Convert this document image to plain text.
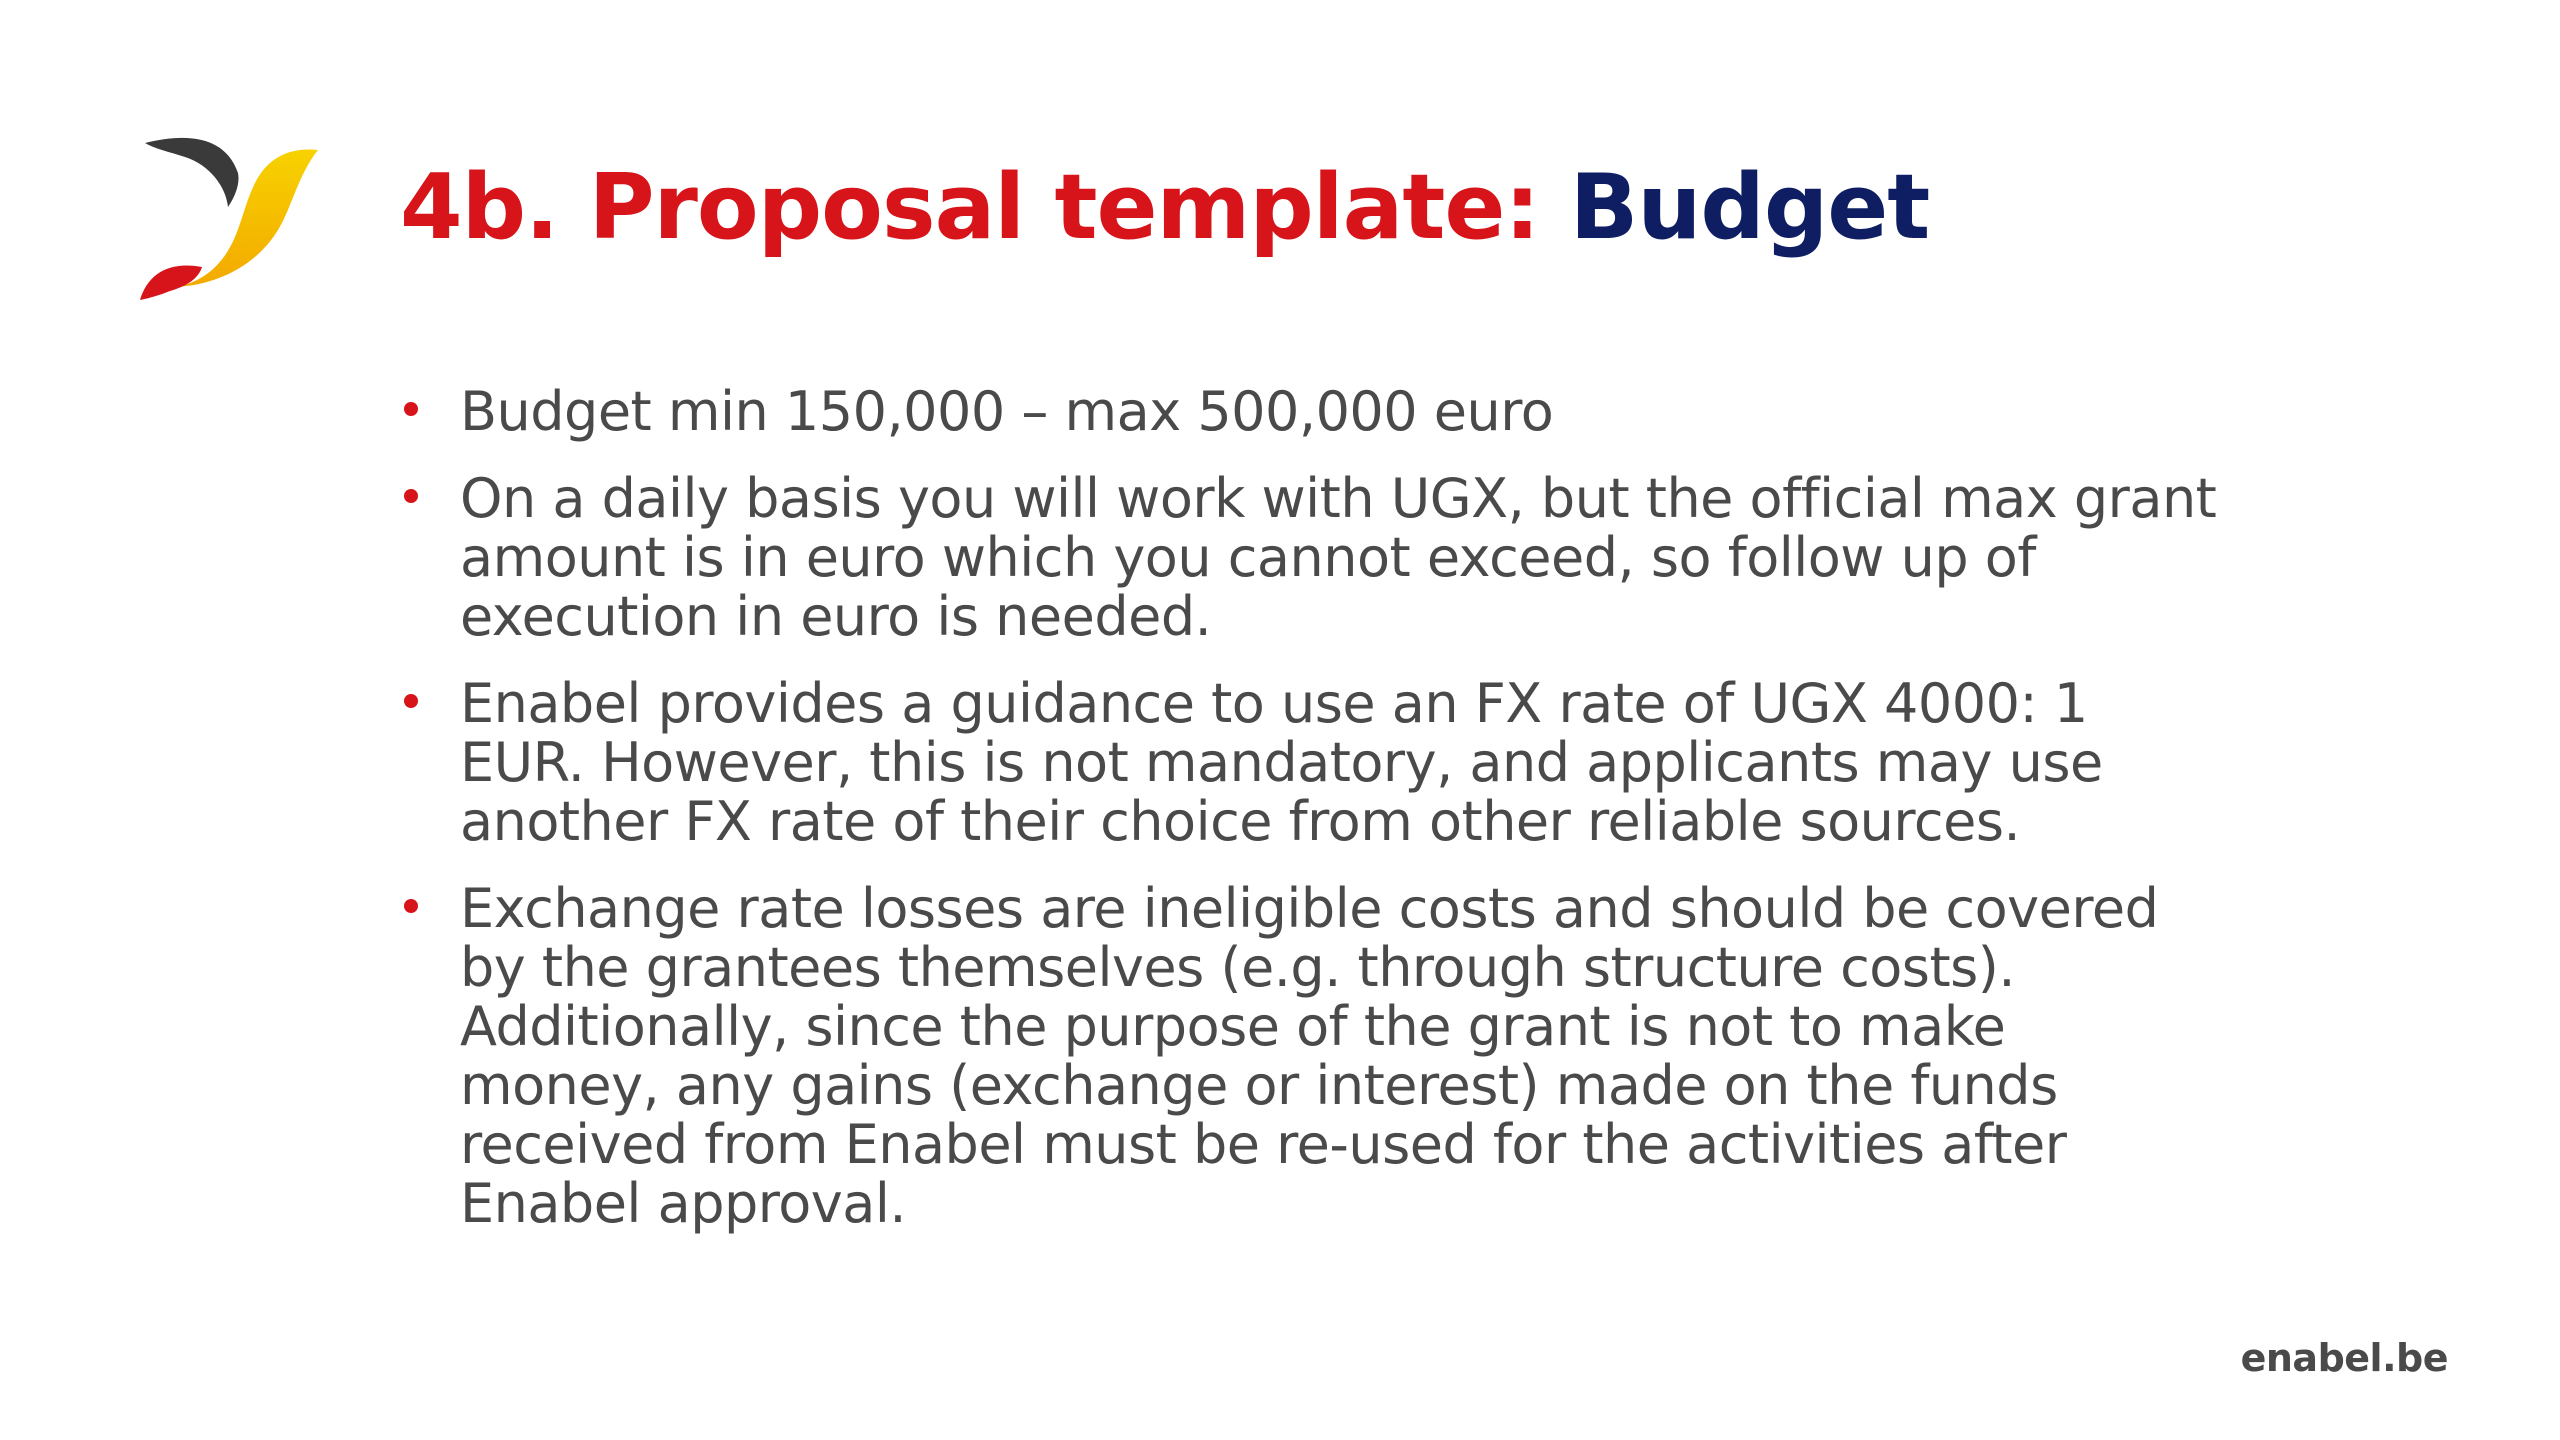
4b. Proposal template: Budget
Budget min 150,000 – max 500,000 euro
On a daily basis you will work with UGX, but the official max grant amount is in euro which you cannot exceed, so follow up of execution in euro is needed.
Enabel provides a guidance to use an FX rate of UGX 4000: 1 EUR. However, this is not mandatory, and applicants may use another FX rate of their choice from other reliable sources.
Exchange rate losses are ineligible costs and should be covered by the grantees themselves (e.g. through structure costs). Additionally, since the purpose of the grant is not to make money, any gains (exchange or interest) made on the funds received from Enabel must be re-used for the activities after Enabel approval.
enabel.be
